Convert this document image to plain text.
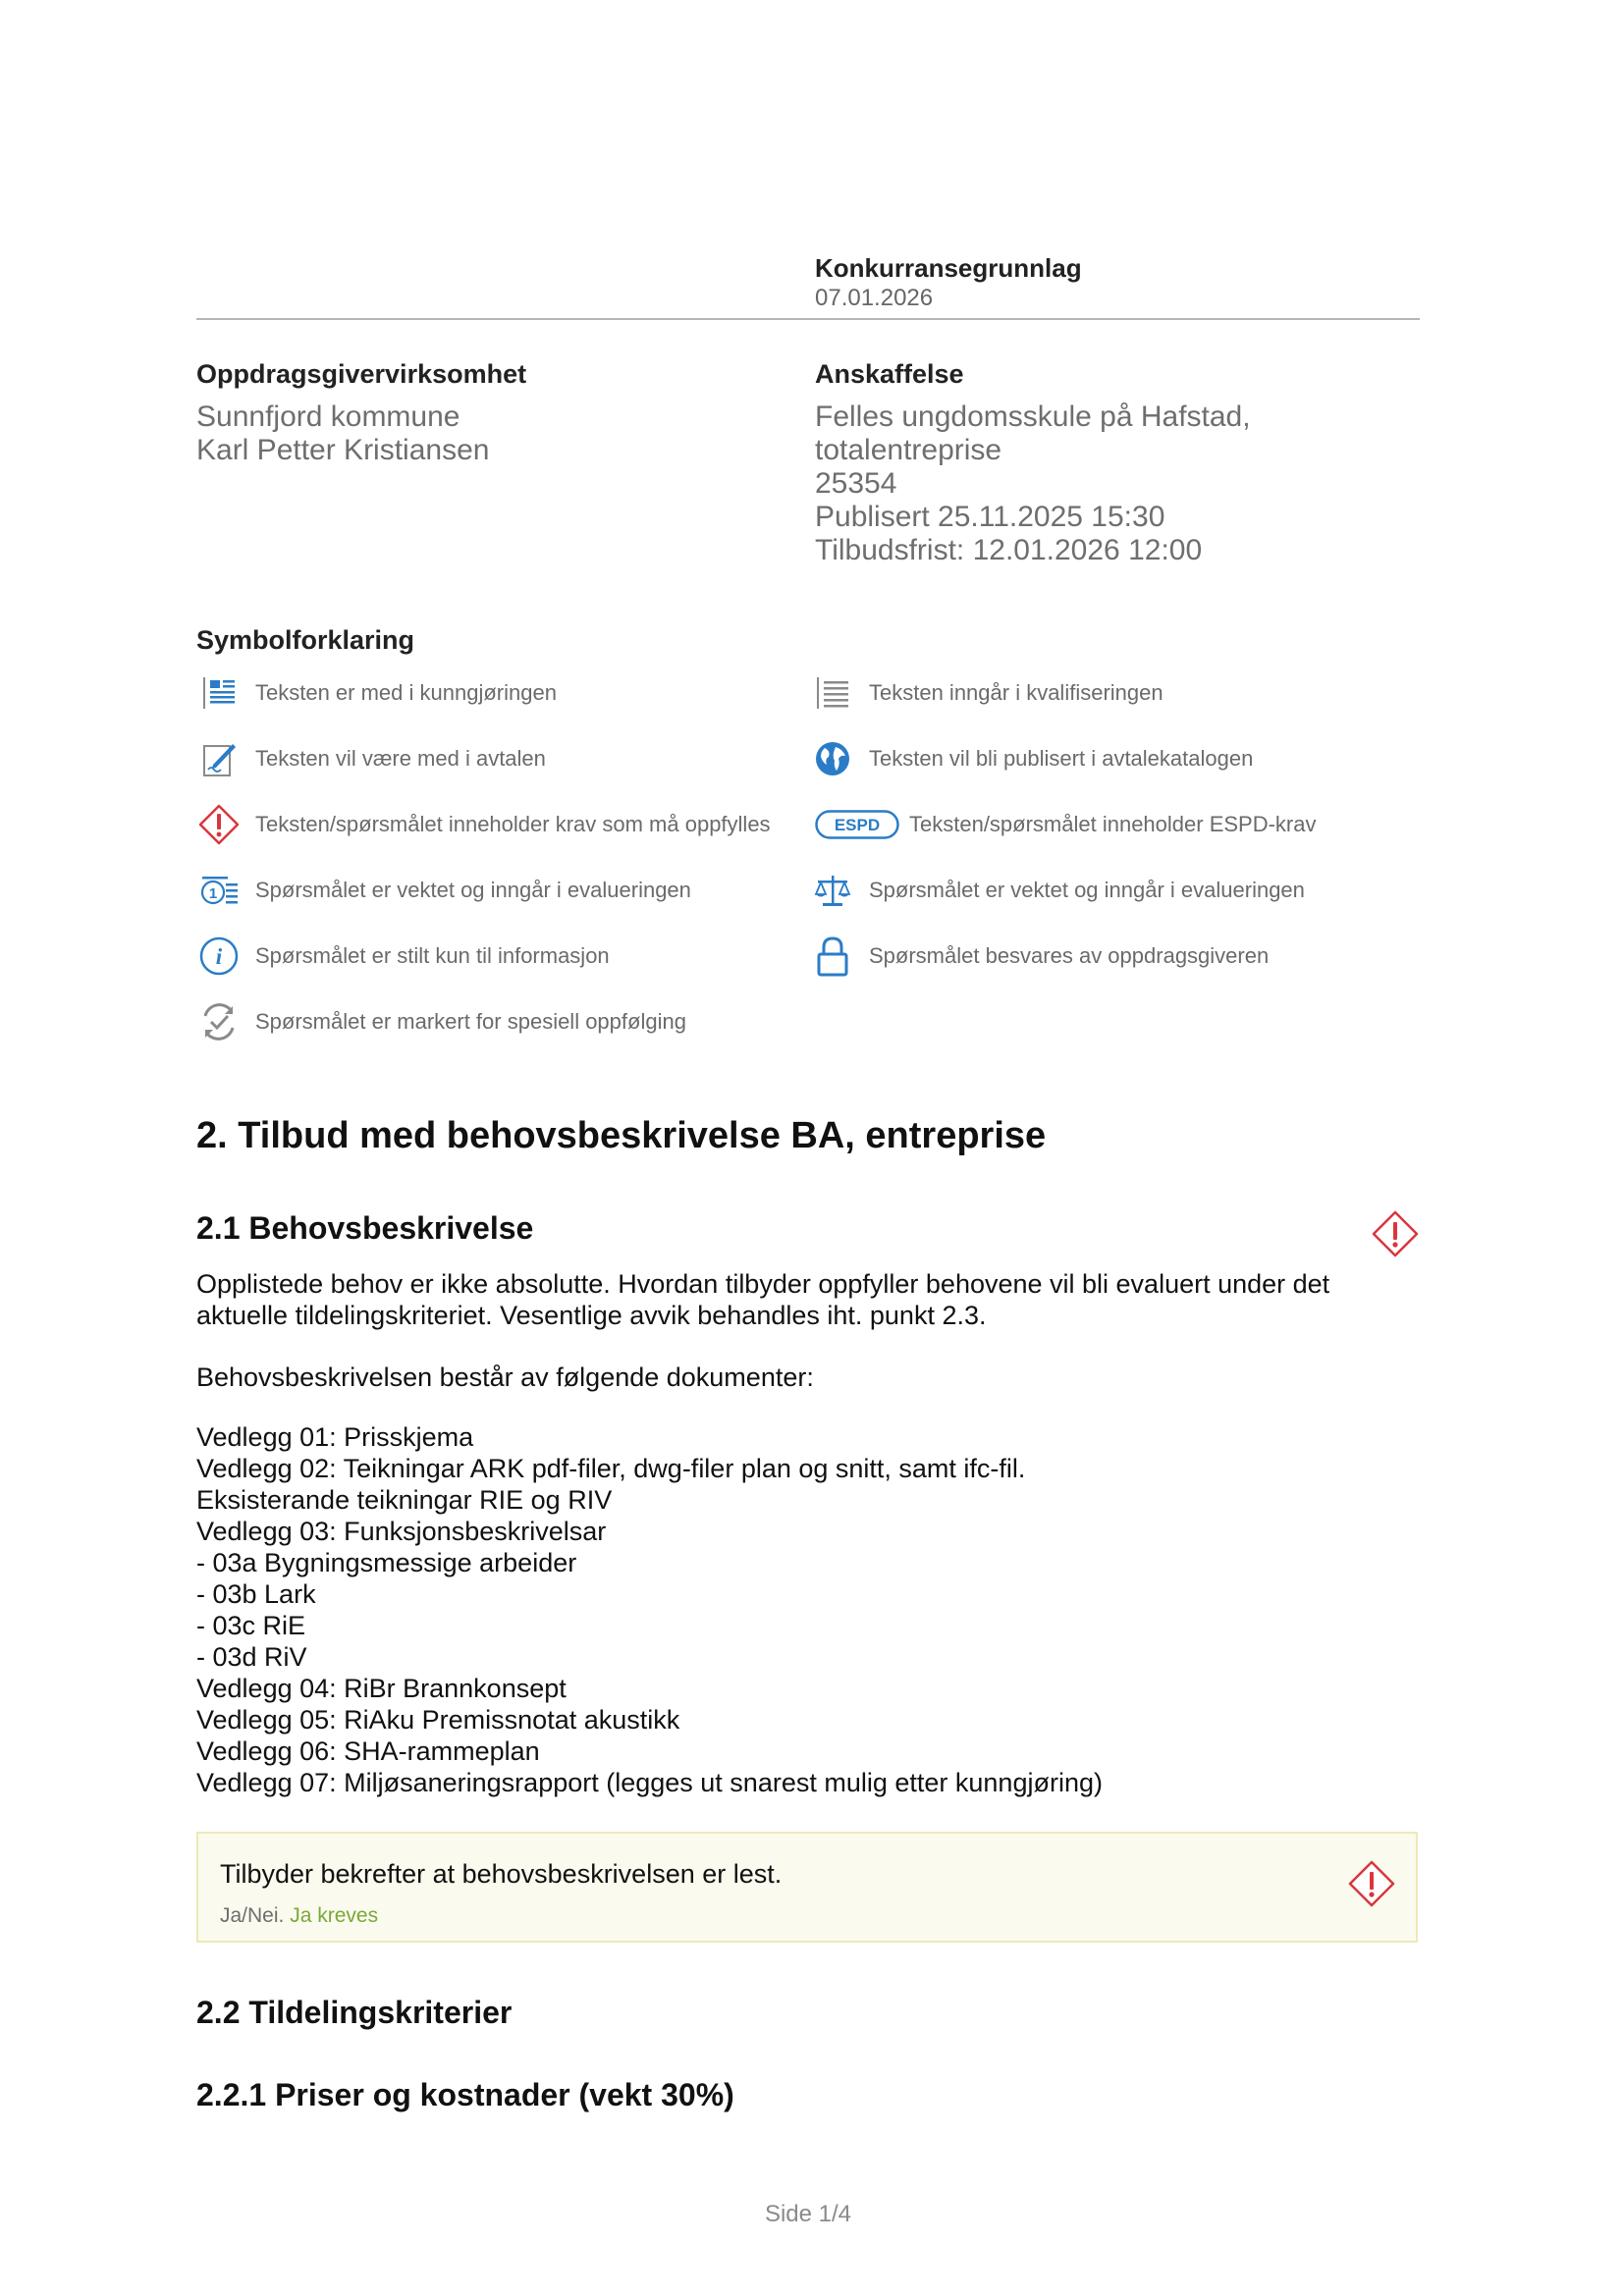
Konkurransegrunnlag
07.01.2026
Oppdragsgivervirksomhet
Sunnfjord kommune
Karl Petter Kristiansen
Anskaffelse
Felles ungdomsskule på Hafstad,
totalentreprise
25354
Publisert 25.11.2025 15:30
Tilbudsfrist: 12.01.2026 12:00
Symbolforklaring
Teksten er med i kunngjøringen	Teksten inngår i kvalifiseringen
Teksten vil være med i avtalen	Teksten vil bli publisert i avtalekatalogen
Teksten/spørsmålet inneholder krav som må oppfylles	ESPD Teksten/spørsmålet inneholder ESPD-krav
1 Spørsmålet er vektet og inngår i evalueringen	Spørsmålet er vektet og inngår i evalueringen
i Spørsmålet er stilt kun til informasjon	Spørsmålet besvares av oppdragsgiveren
Spørsmålet er markert for spesiell oppfølging
2. Tilbud med behovsbeskrivelse BA, entreprise
2.1 Behovsbeskrivelse
Opplistede behov er ikke absolutte. Hvordan tilbyder oppfyller behovene vil bli evaluert under det aktuelle tildelingskriteriet. Vesentlige avvik behandles iht. punkt 2.3.
Behovsbeskrivelsen består av følgende dokumenter:
Vedlegg 01: Prisskjema
Vedlegg 02: Teikningar ARK pdf-filer, dwg-filer plan og snitt, samt ifc-fil.
Eksisterande teikningar RIE og RIV
Vedlegg 03: Funksjonsbeskrivelsar
- 03a Bygningsmessige arbeider
- 03b Lark
- 03c RiE
- 03d RiV
Vedlegg 04: RiBr Brannkonsept
Vedlegg 05: RiAku Premissnotat akustikk
Vedlegg 06: SHA-rammeplan
Vedlegg 07: Miljøsaneringsrapport (legges ut snarest mulig etter kunngjøring)
Tilbyder bekrefter at behovsbeskrivelsen er lest.
Ja/Nei. Ja kreves
2.2 Tildelingskriterier
2.2.1 Priser og kostnader (vekt 30%)
Side 1/4
